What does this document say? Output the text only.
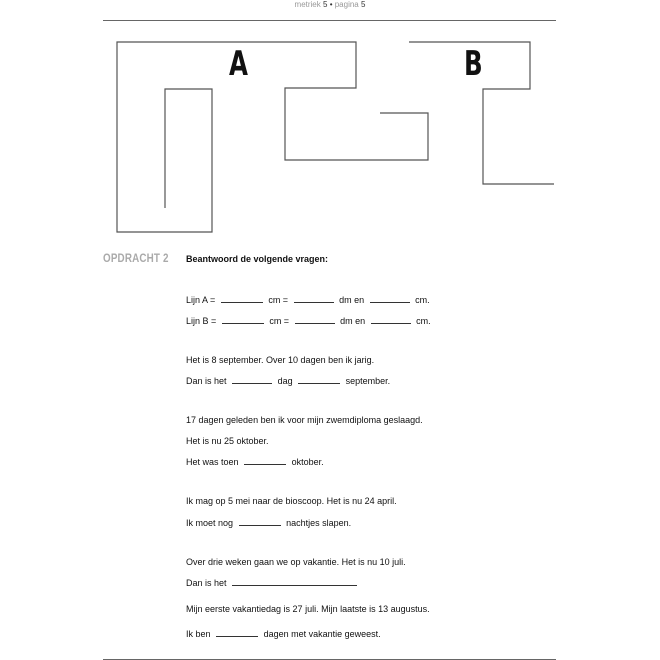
metriek 5 • pagina 5
A	B
OPDRACHT 2 Beantwoord de volgende vragen:
Lijn A =	cm =	dm en	cm.
Lijn B =	cm =	dm en	cm.
Het is 8 september. Over 10 dagen ben ik jarig.
Dan is het	dag	september.
17 dagen geleden ben ik voor mijn zwemdiploma geslaagd.
Het is nu 25 oktober.
Het was toen	oktober.
Ik mag op 5 mei naar de bioscoop. Het is nu 24 april.
Ik moet nog	nachtjes slapen.
Over drie weken gaan we op vakantie. Het is nu 10 juli.
Dan is het
Mijn eerste vakantiedag is 27 juli. Mijn laatste is 13 augustus.
Ik ben	dagen met vakantie geweest.
